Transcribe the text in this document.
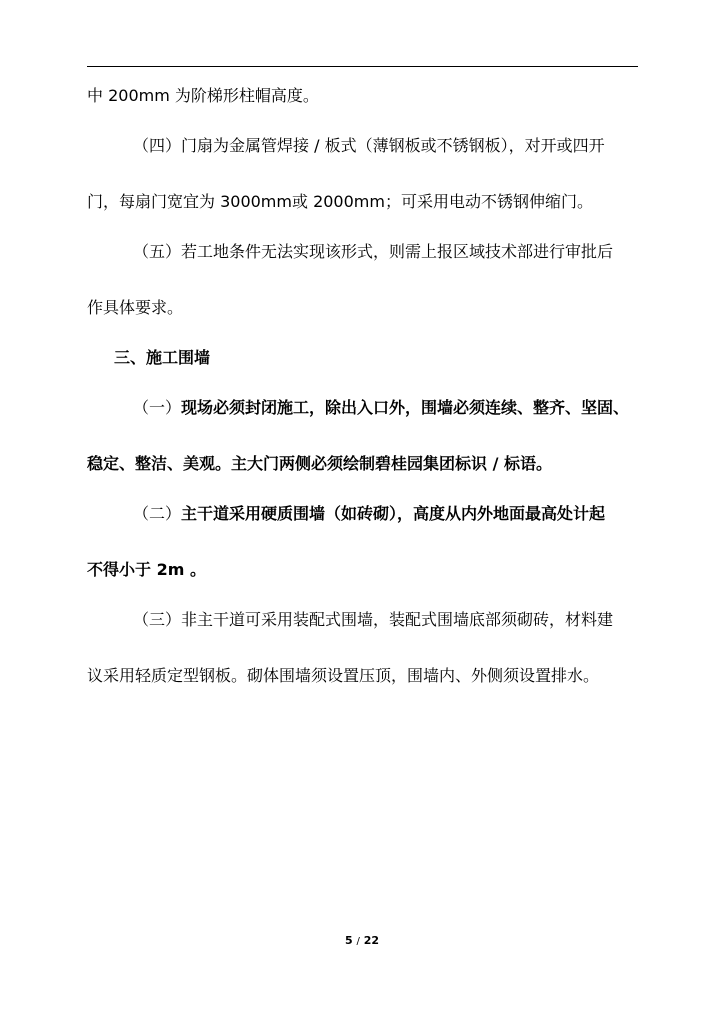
中 200mm 为阶梯形柱帽高度。
（四）门扇为金属管焊接 / 板式（薄钢板或不锈钢板），对开或四开
门，每扇门宽宜为 3000mm或 2000mm；可采用电动不锈钢伸缩门。
（五）若工地条件无法实现该形式，则需上报区域技术部进行审批后
作具体要求。
三、施工围墙
（一）现场必须封闭施工，除出入口外，围墙必须连续、整齐、坚固、
稳定、整洁、美观。主大门两侧必须绘制碧桂园集团标识 / 标语。
（二）主干道采用硬质围墙（如砖砌），高度从内外地面最高处计起
不得小于 2m 。
（三）非主干道可采用装配式围墙，装配式围墙底部须砌砖，材料建
议采用轻质定型钢板。砌体围墙须设置压顶，围墙内、外侧须设置排水。
5 / 22
